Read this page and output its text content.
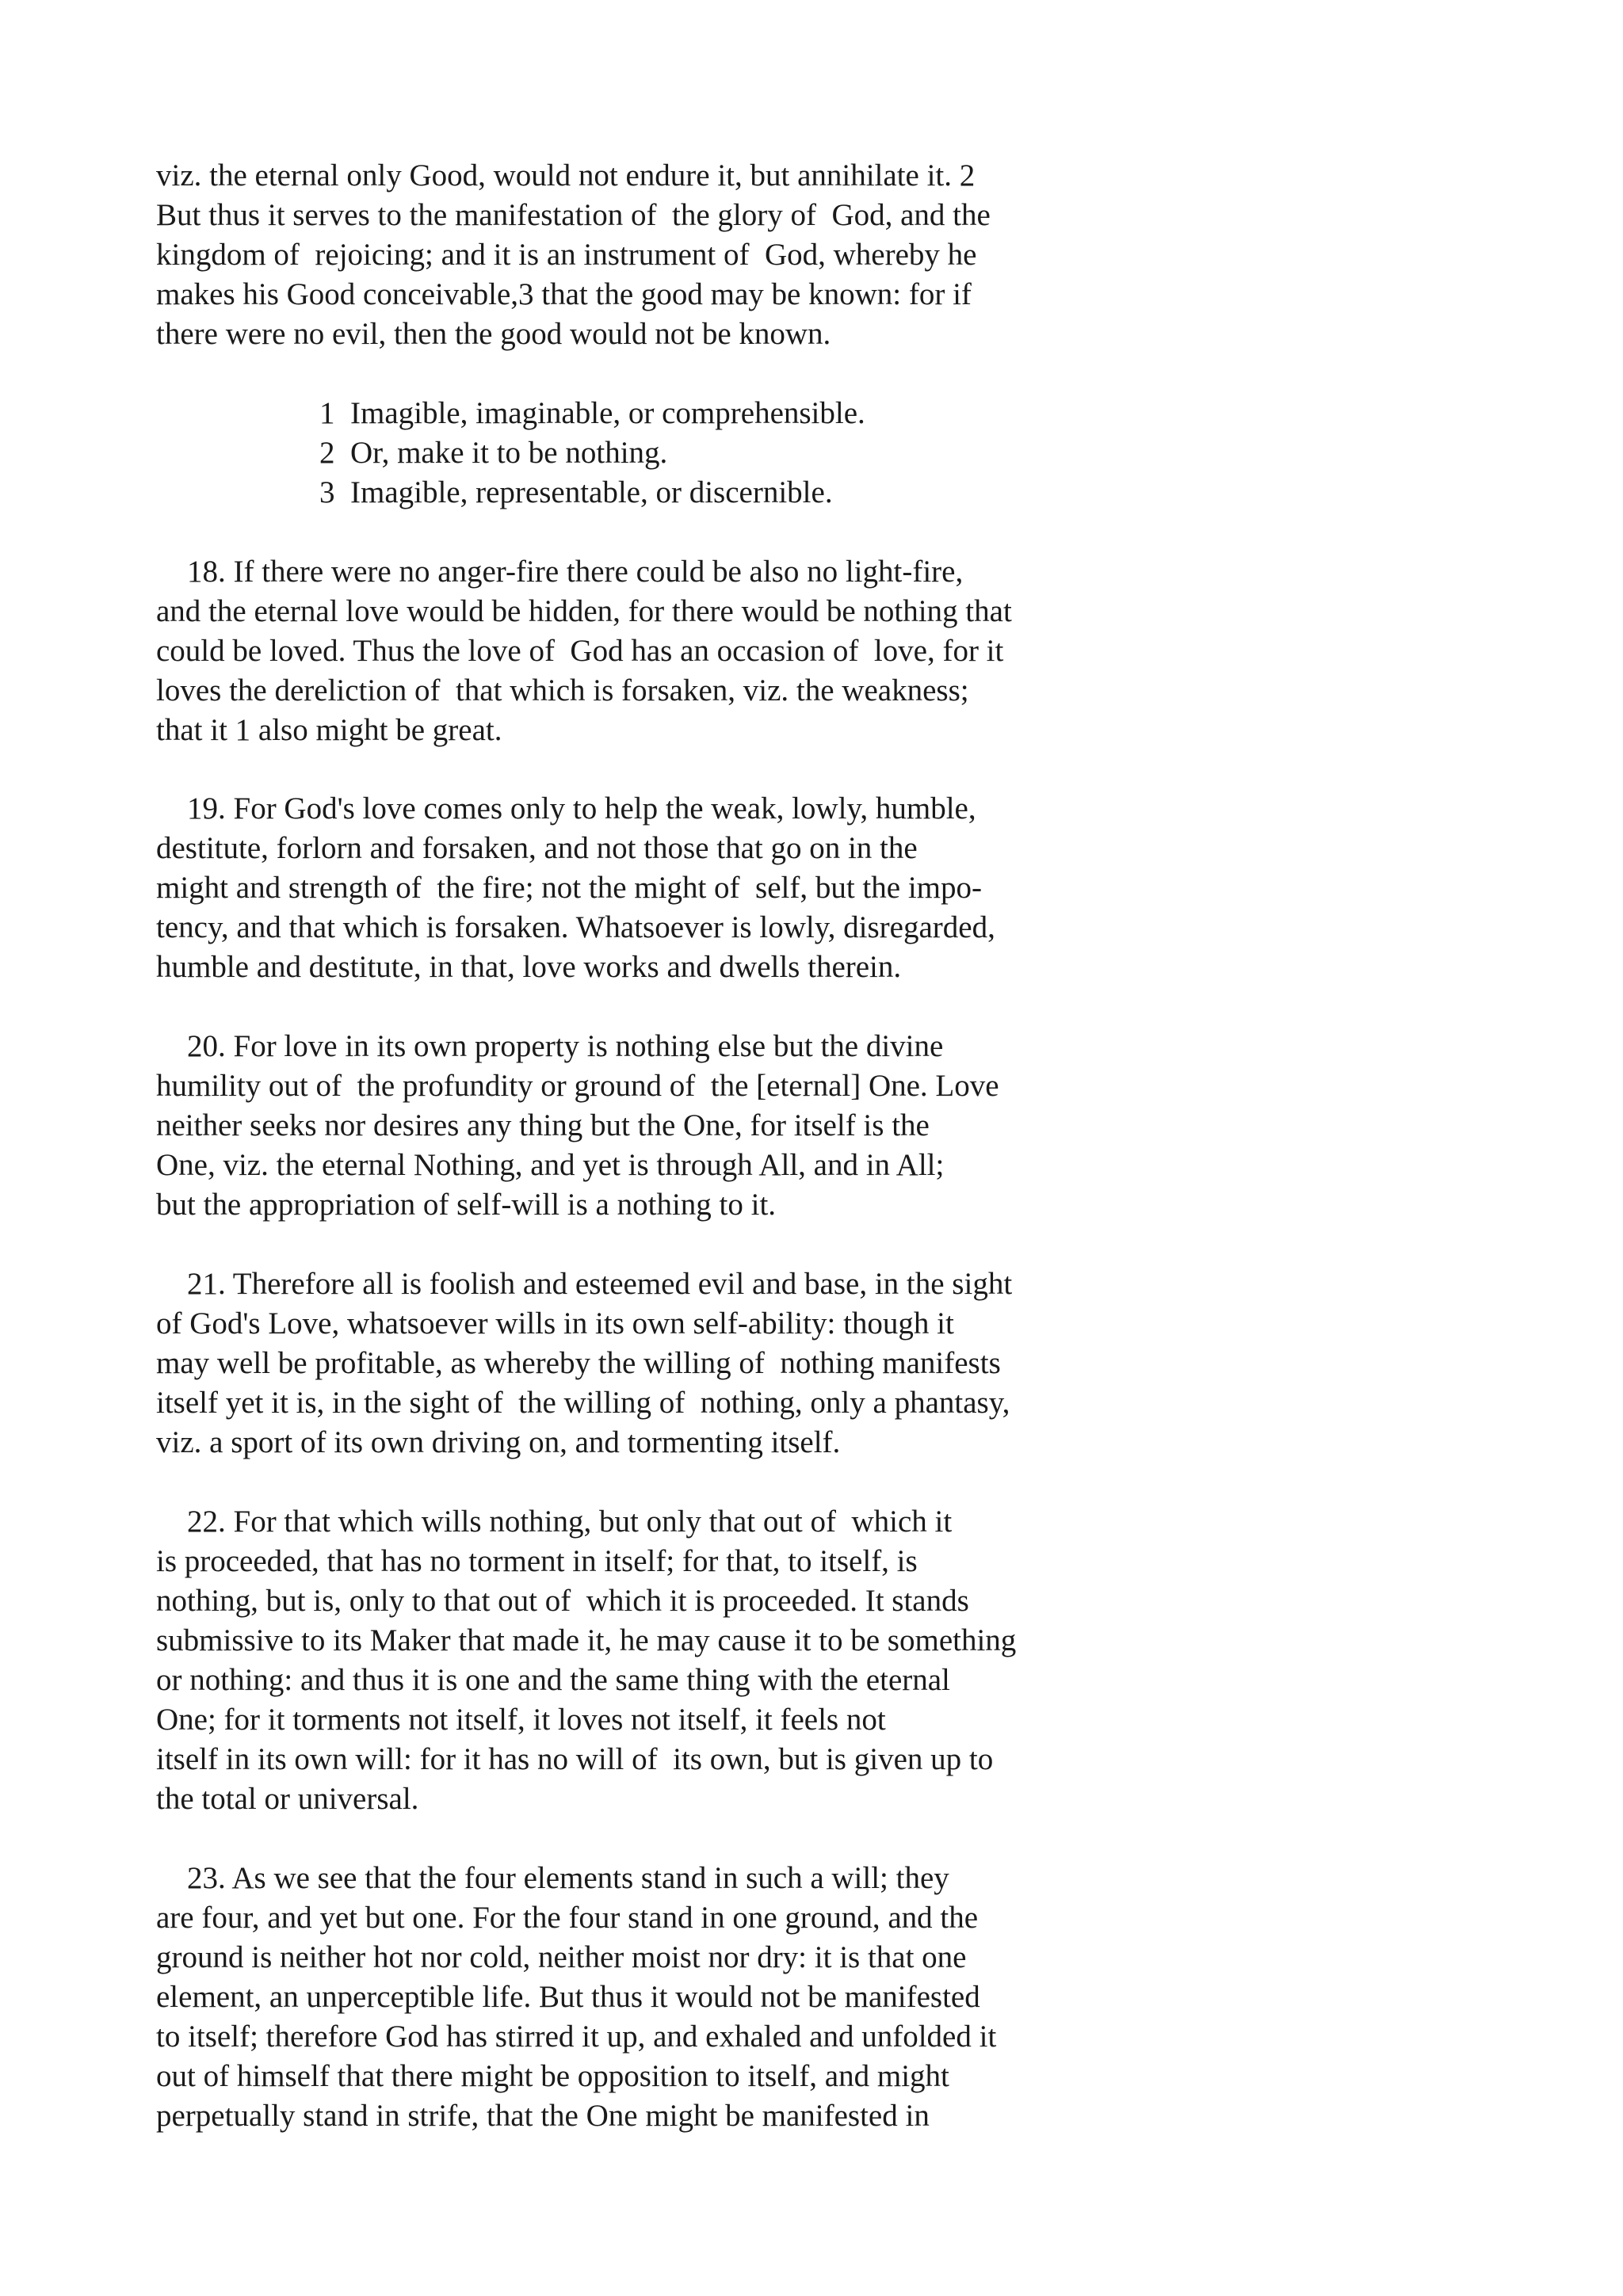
viz. the eternal only Good, would not endure it, but annihilate it. 2
But thus it serves to the manifestation of  the glory of  God, and the
kingdom of  rejoicing; and it is an instrument of  God, whereby he
makes his Good conceivable,3 that the good may be known: for if
there were no evil, then the good would not be known.
1  Imagible, imaginable, or comprehensible.
2  Or, make it to be nothing.
3  Imagible, representable, or discernible.
18. If there were no anger-fire there could be also no light-fire,
and the eternal love would be hidden, for there would be nothing that
could be loved. Thus the love of  God has an occasion of  love, for it
loves the dereliction of  that which is forsaken, viz. the weakness;
that it 1 also might be great.
19. For God's love comes only to help the weak, lowly, humble,
destitute, forlorn and forsaken, and not those that go on in the
might and strength of  the fire; not the might of  self, but the impo-
tency, and that which is forsaken. Whatsoever is lowly, disregarded,
humble and destitute, in that, love works and dwells therein.
20. For love in its own property is nothing else but the divine
humility out of  the profundity or ground of  the [eternal] One. Love
neither seeks nor desires any thing but the One, for itself is the
One, viz. the eternal Nothing, and yet is through All, and in All;
but the appropriation of self-will is a nothing to it.
21. Therefore all is foolish and esteemed evil and base, in the sight
of God's Love, whatsoever wills in its own self-ability: though it
may well be profitable, as whereby the willing of  nothing manifests
itself yet it is, in the sight of  the willing of  nothing, only a phantasy,
viz. a sport of its own driving on, and tormenting itself.
22. For that which wills nothing, but only that out of  which it
is proceeded, that has no torment in itself; for that, to itself, is
nothing, but is, only to that out of  which it is proceeded. It stands
submissive to its Maker that made it, he may cause it to be something
or nothing: and thus it is one and the same thing with the eternal
One; for it torments not itself, it loves not itself, it feels not
itself in its own will: for it has no will of  its own, but is given up to
the total or universal.
23. As we see that the four elements stand in such a will; they
are four, and yet but one. For the four stand in one ground, and the
ground is neither hot nor cold, neither moist nor dry: it is that one
element, an unperceptible life. But thus it would not be manifested
to itself; therefore God has stirred it up, and exhaled and unfolded it
out of himself that there might be opposition to itself, and might
perpetually stand in strife, that the One might be manifested in
